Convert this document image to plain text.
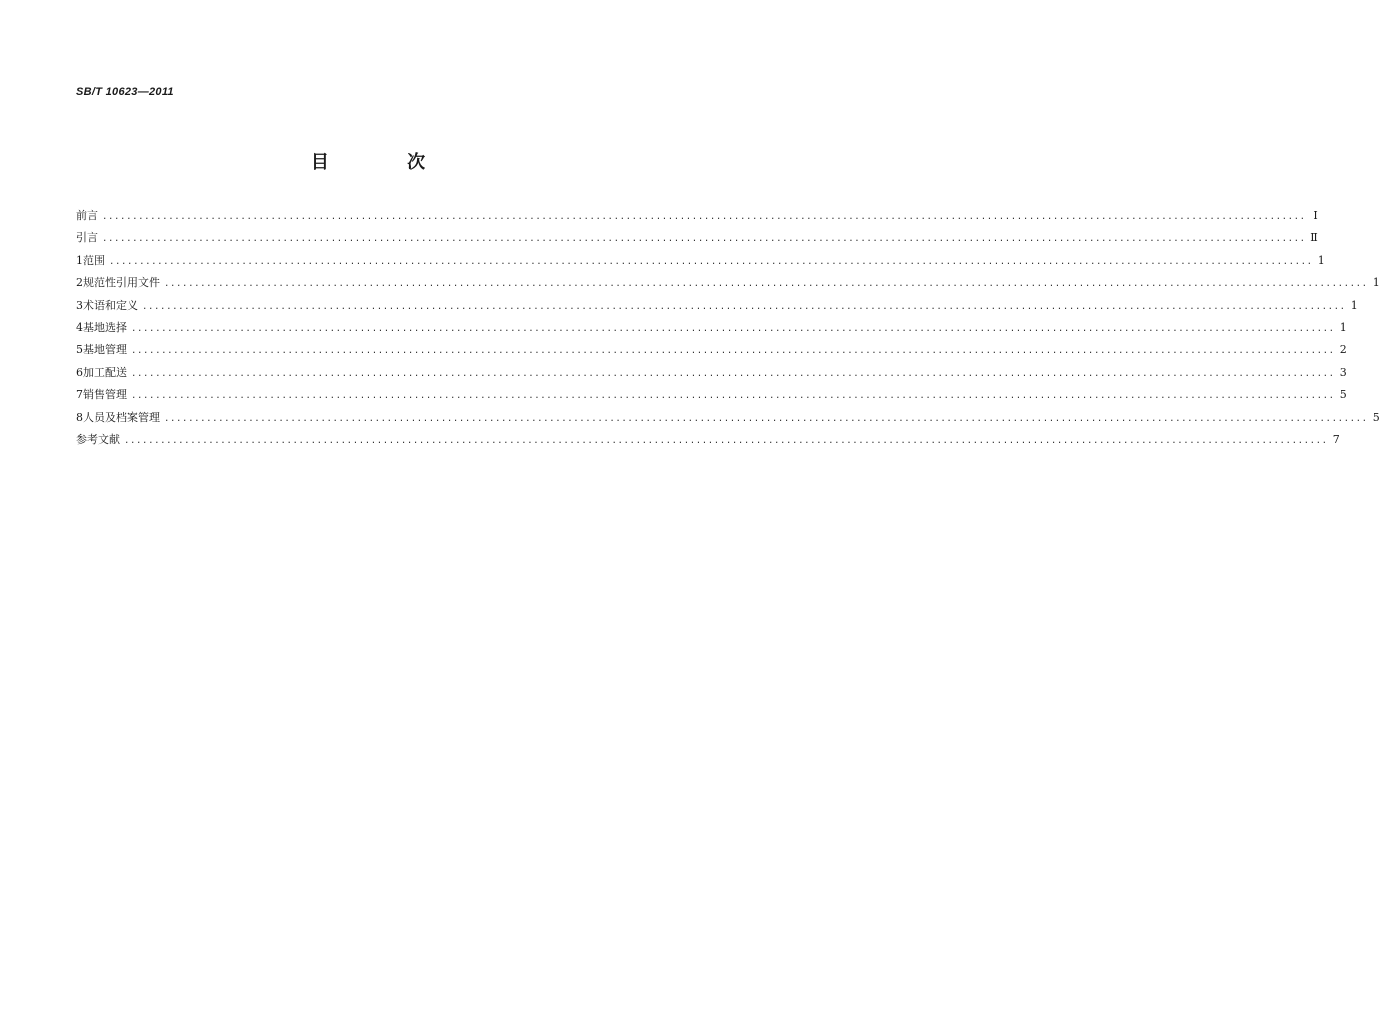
SB/T 10623—2011
目 次
前言 ........................................................................................................................................................................................................ I
引言 ........................................................................................................................................................................................................ Ⅱ
1 范围 ........................................................................................................................................................................................................ 1
2 规范性引用文件 ........................................................................................................................................................................................................ 1
3 术语和定义 ........................................................................................................................................................................................................ 1
4 基地选择 ........................................................................................................................................................................................................ 1
5 基地管理 ........................................................................................................................................................................................................ 2
6 加工配送 ........................................................................................................................................................................................................ 3
7 销售管理 ........................................................................................................................................................................................................ 5
8 人员及档案管理 ........................................................................................................................................................................................................ 5
参考文献 ........................................................................................................................................................................................................ 7
